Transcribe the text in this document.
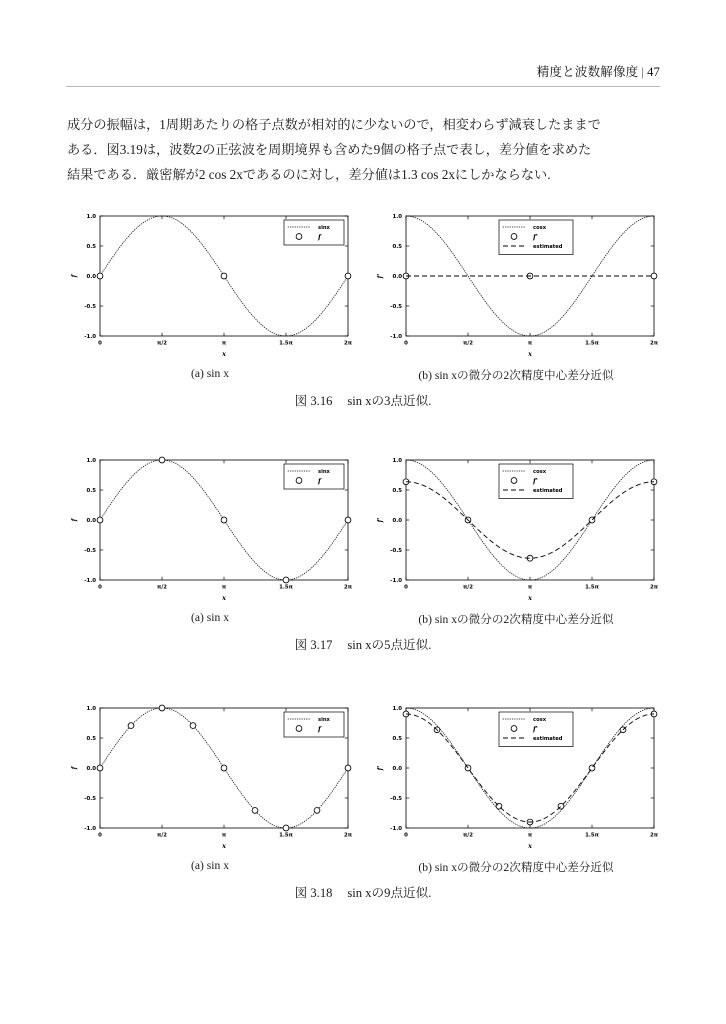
精度と波数解像度 | 47
成分の振幅は，1周期あたりの格子点数が相対的に少ないので，相変わらず減衰したままで
ある．図3.19は，波数2の正弦波を周期境界も含めた9個の格子点で表し，差分値を求めた
結果である．厳密解が2 cos 2xであるのに対し，差分値は1.3 cos 2xにしかならない.
0	π/2	π	1.5π	2π
-1.0
-0.5
0.0
0.5
1.0
x
f
sinx
f
0	π/2	π	1.5π	2π
-1.0
-0.5
0.0
0.5
1.0
x
f'
cosx
f'
estimated
(a) sin x	(b) sin xの微分の2次精度中心差分近似
図 3.16 sin xの3点近似.
0	π/2	π	1.5π	2π
-1.0
-0.5
0.0
0.5
1.0
x
f
sinx
f
0	π/2	π	1.5π	2π
-1.0
-0.5
0.0
0.5
1.0
x
f'
cosx
f'
estimated
(a) sin x	(b) sin xの微分の2次精度中心差分近似
図 3.17 sin xの5点近似.
0	π/2	π	1.5π	2π
-1.0
-0.5
0.0
0.5
1.0
x
f
sinx
f
0	π/2	π	1.5π	2π
-1.0
-0.5
0.0
0.5
1.0
x
f'
cosx
f'
estimated
(a) sin x	(b) sin xの微分の2次精度中心差分近似
図 3.18 sin xの9点近似.
